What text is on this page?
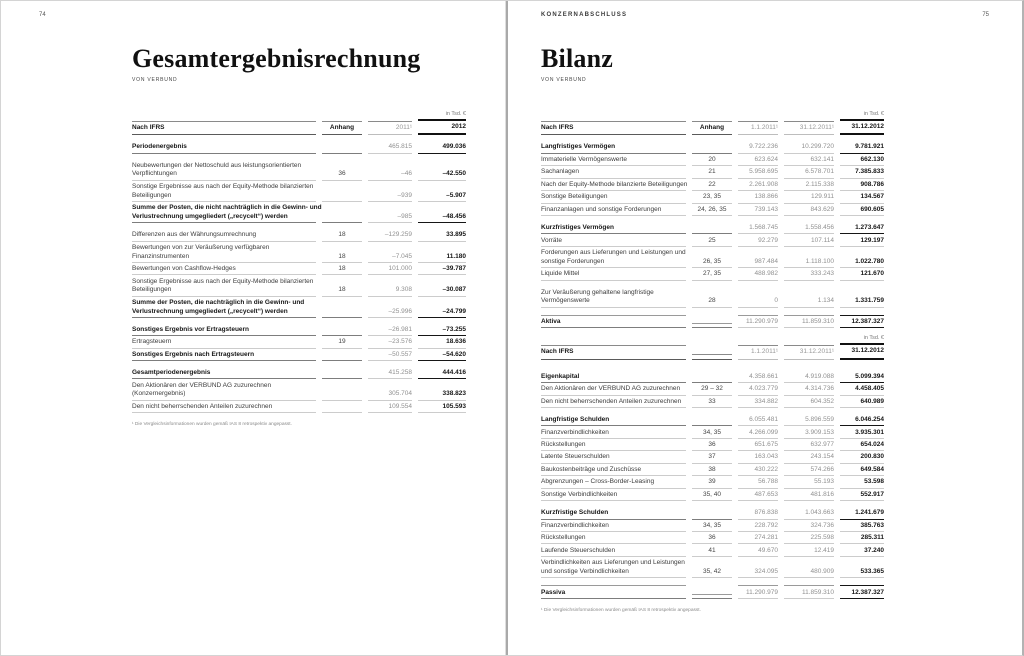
74
Gesamtergebnisrechnung
VON VERBUND
in Tsd. €
Nach IFRS	Anhang	2011¹	2012
Periodenergebnis	465.815	499.036
Neubewertungen der Nettoschuld aus leistungsorientierten
Verpflichtungen	36	–46	–42.550
Sonstige Ergebnisse aus nach der Equity-Methode bilanzierten
Beteiligungen	–939	–5.907
Summe der Posten, die nicht nachträglich in die Gewinn- und
Verlustrechnung umgegliedert („recycelt“) werden	–985	–48.456
Differenzen aus der Währungsumrechnung	18	–129.259	33.895
Bewertungen von zur Veräußerung verfügbaren
Finanzinstrumenten	18	–7.045	11.180
Bewertungen von Cashflow-Hedges	18	101.000	–39.787
Sonstige Ergebnisse aus nach der Equity-Methode bilanzierten
Beteiligungen	18	9.308	–30.087
Summe der Posten, die nachträglich in die Gewinn- und
Verlustrechnung umgegliedert („recycelt“) werden	–25.996	–24.799
Sonstiges Ergebnis vor Ertragsteuern	–26.981	–73.255
Ertragsteuern	19	–23.576	18.636
Sonstiges Ergebnis nach Ertragsteuern	–50.557	–54.620
Gesamtperiodenergebnis	415.258	444.416
Den Aktionären der VERBUND AG zuzurechnen
(Konzernergebnis)	305.704	338.823
Den nicht beherrschenden Anteilen zuzurechnen	109.554	105.593
¹ Die Vergleichsinformationen wurden gemäß IAS 8 retrospektiv angepasst.
KONZERNABSCHLUSS	75
Bilanz
VON VERBUND
in Tsd. €
Nach IFRS	Anhang	1.1.2011¹	31.12.2011¹	31.12.2012
Langfristiges Vermögen	9.722.236	10.299.720	9.781.921
Immaterielle Vermögenswerte	20	623.624	632.141	662.130
Sachanlagen	21	5.958.695	6.578.701	7.385.833
Nach der Equity-Methode bilanzierte Beteiligungen	22	2.261.908	2.115.338	908.786
Sonstige Beteiligungen	23, 35	138.866	129.911	134.567
Finanzanlagen und sonstige Forderungen	24, 26, 35	739.143	843.629	690.605
Kurzfristiges Vermögen	1.568.745	1.558.456	1.273.647
Vorräte	25	92.279	107.114	129.197
Forderungen aus Lieferungen und Leistungen und
sonstige Forderungen	26, 35	987.484	1.118.100	1.022.780
Liquide Mittel	27, 35	488.982	333.243	121.670
Zur Veräußerung gehaltene langfristige
Vermögenswerte	28	0	1.134	1.331.759
Aktiva	11.290.979	11.859.310	12.387.327
in Tsd. €
Nach IFRS	1.1.2011¹	31.12.2011¹	31.12.2012
Eigenkapital	4.358.661	4.919.088	5.099.394
Den Aktionären der VERBUND AG zuzurechnen	29 – 32	4.023.779	4.314.736	4.458.405
Den nicht beherrschenden Anteilen zuzurechnen	33	334.882	604.352	640.989
Langfristige Schulden	6.055.481	5.896.559	6.046.254
Finanzverbindlichkeiten	34, 35	4.266.099	3.909.153	3.935.301
Rückstellungen	36	651.675	632.977	654.024
Latente Steuerschulden	37	163.043	243.154	200.830
Baukostenbeiträge und Zuschüsse	38	430.222	574.266	649.584
Abgrenzungen – Cross-Border-Leasing	39	56.788	55.193	53.598
Sonstige Verbindlichkeiten	35, 40	487.653	481.816	552.917
Kurzfristige Schulden	876.838	1.043.663	1.241.679
Finanzverbindlichkeiten	34, 35	228.792	324.736	385.763
Rückstellungen	36	274.281	225.598	285.311
Laufende Steuerschulden	41	49.670	12.419	37.240
Verbindlichkeiten aus Lieferungen und Leistungen
und sonstige Verbindlichkeiten	35, 42	324.095	480.909	533.365
Passiva	11.290.979	11.859.310	12.387.327
¹ Die Vergleichsinformationen wurden gemäß IAS 8 retrospektiv angepasst.
